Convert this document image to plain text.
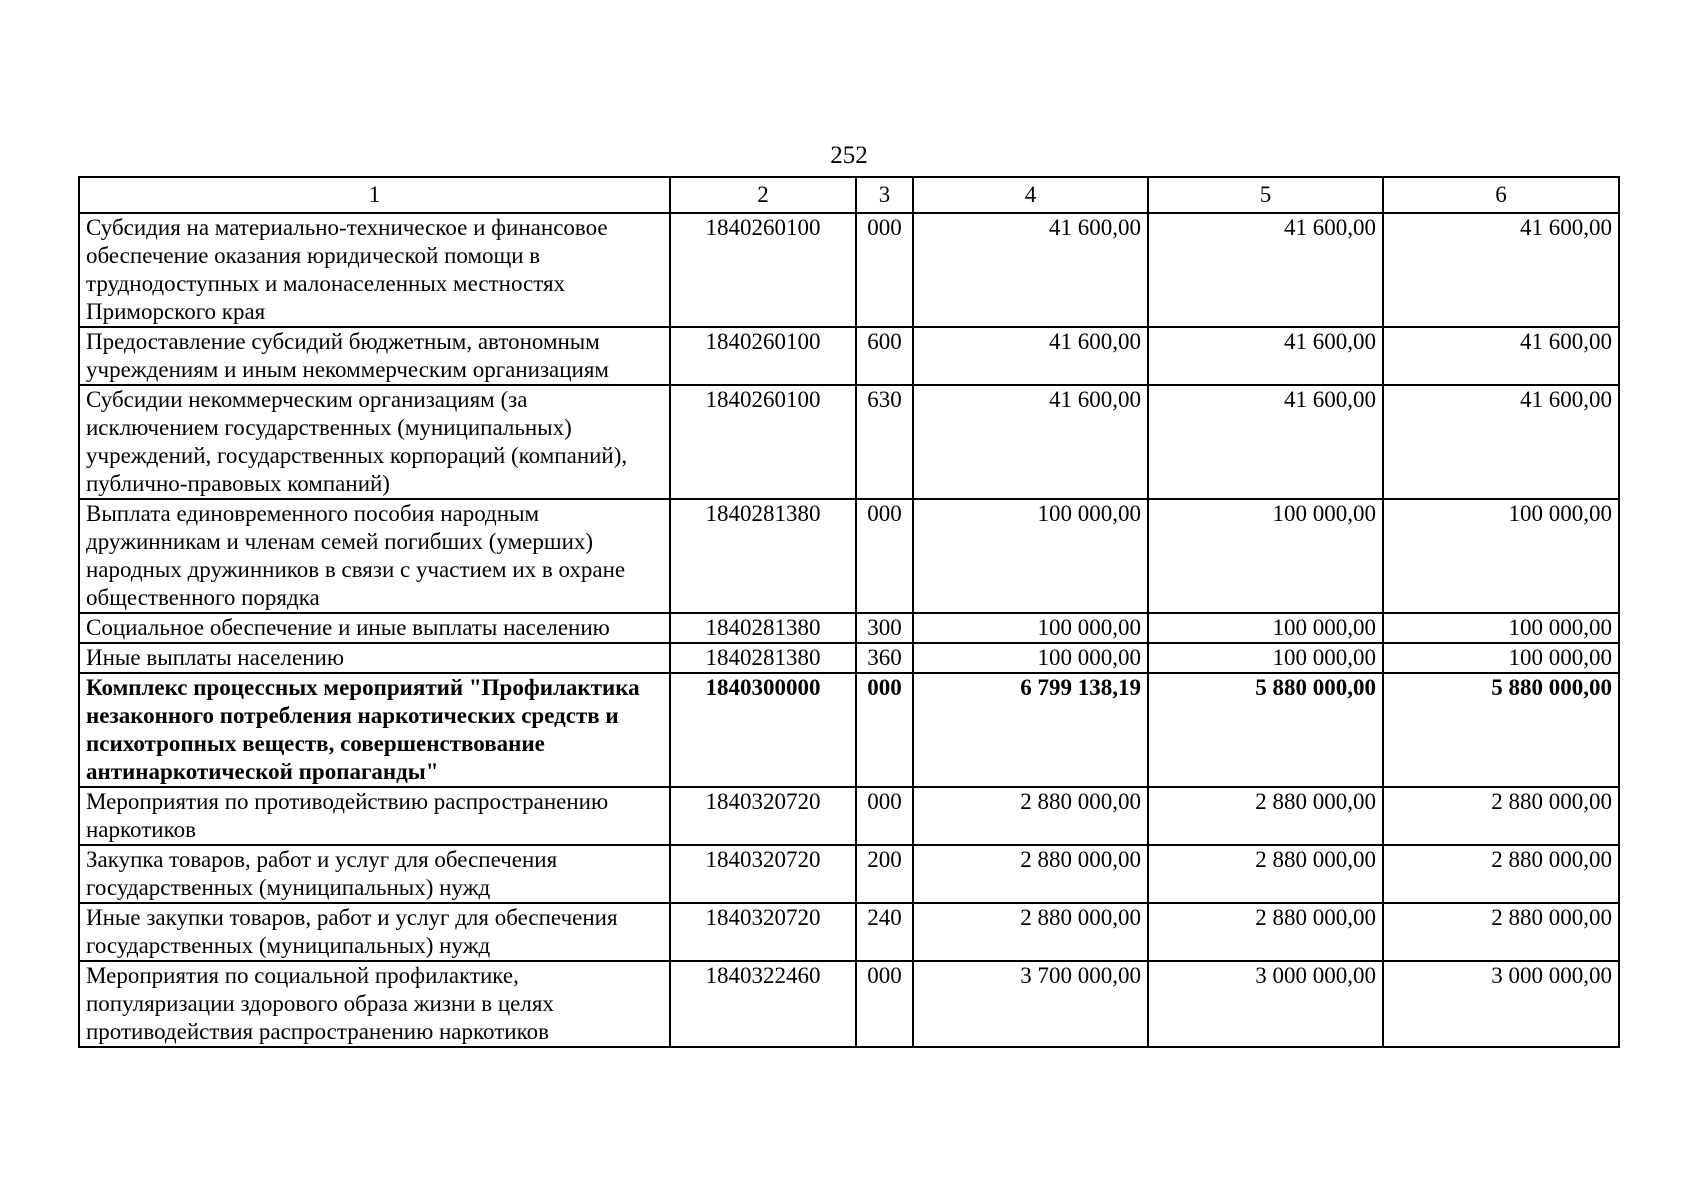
252
1	2	3	4	5	6
Субсидия на материально-техническое и финансовое обеспечение оказания юридической помощи в труднодоступных и малонаселенных местностях Приморского края	1840260100	000	41 600,00	41 600,00	41 600,00
Предоставление субсидий бюджетным, автономным учреждениям и иным некоммерческим организациям	1840260100	600	41 600,00	41 600,00	41 600,00
Субсидии некоммерческим организациям (за исключением государственных (муниципальных) учреждений, государственных корпораций (компаний), публично-правовых компаний)	1840260100	630	41 600,00	41 600,00	41 600,00
Выплата единовременного пособия народным дружинникам и членам семей погибших (умерших) народных дружинников в связи с участием их в охране общественного порядка	1840281380	000	100 000,00	100 000,00	100 000,00
Социальное обеспечение и иные выплаты населению	1840281380	300	100 000,00	100 000,00	100 000,00
Иные выплаты населению	1840281380	360	100 000,00	100 000,00	100 000,00
Комплекс процессных мероприятий "Профилактика незаконного потребления наркотических средств и психотропных веществ, совершенствование антинаркотической пропаганды"	1840300000	000	6 799 138,19	5 880 000,00	5 880 000,00
Мероприятия по противодействию распространению наркотиков	1840320720	000	2 880 000,00	2 880 000,00	2 880 000,00
Закупка товаров, работ и услуг для обеспечения государственных (муниципальных) нужд	1840320720	200	2 880 000,00	2 880 000,00	2 880 000,00
Иные закупки товаров, работ и услуг для обеспечения государственных (муниципальных) нужд	1840320720	240	2 880 000,00	2 880 000,00	2 880 000,00
Мероприятия по социальной профилактике, популяризации здорового образа жизни в целях противодействия распространению наркотиков	1840322460	000	3 700 000,00	3 000 000,00	3 000 000,00
